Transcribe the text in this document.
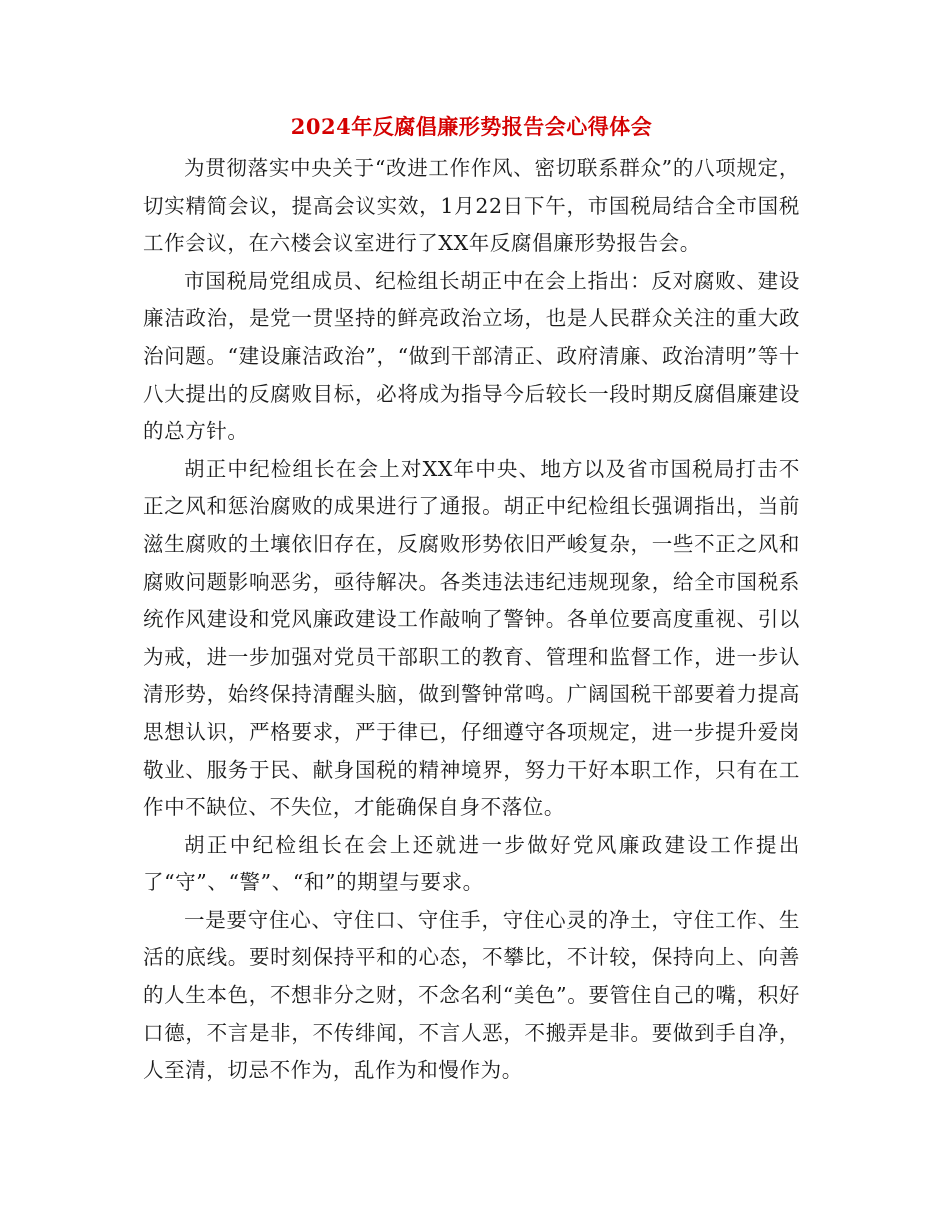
2024年反腐倡廉形势报告会心得体会

为贯彻落实中央关于“改进工作作风、密切联系群众”的八项规定，切实精简会议，提高会议实效，1月22日下午，市国税局结合全市国税工作会议，在六楼会议室进行了XX年反腐倡廉形势报告会。

市国税局党组成员、纪检组长胡正中在会上指出：反对腐败、建设廉洁政治，是党一贯坚持的鲜亮政治立场，也是人民群众关注的重大政治问题。“建设廉洁政治”，“做到干部清正、政府清廉、政治清明”等十八大提出的反腐败目标，必将成为指导今后较长一段时期反腐倡廉建设的总方针。

胡正中纪检组长在会上对XX年中央、地方以及省市国税局打击不正之风和惩治腐败的成果进行了通报。胡正中纪检组长强调指出，当前滋生腐败的土壤依旧存在，反腐败形势依旧严峻复杂，一些不正之风和腐败问题影响恶劣，亟待解决。各类违法违纪违规现象，给全市国税系统作风建设和党风廉政建设工作敲响了警钟。各单位要高度重视、引以为戒，进一步加强对党员干部职工的教育、管理和监督工作，进一步认清形势，始终保持清醒头脑，做到警钟常鸣。广阔国税干部要着力提高思想认识，严格要求，严于律已，仔细遵守各项规定，进一步提升爱岗敬业、服务于民、献身国税的精神境界，努力干好本职工作，只有在工作中不缺位、不失位，才能确保自身不落位。

胡正中纪检组长在会上还就进一步做好党风廉政建设工作提出了“守”、“警”、“和”的期望与要求。

一是要守住心、守住口、守住手，守住心灵的净土，守住工作、生活的底线。要时刻保持平和的心态，不攀比，不计较，保持向上、向善的人生本色，不想非分之财，不念名利“美色”。要管住自己的嘴，积好口德，不言是非，不传绯闻，不言人恶，不搬弄是非。要做到手自净，人至清，切忌不作为，乱作为和慢作为。
